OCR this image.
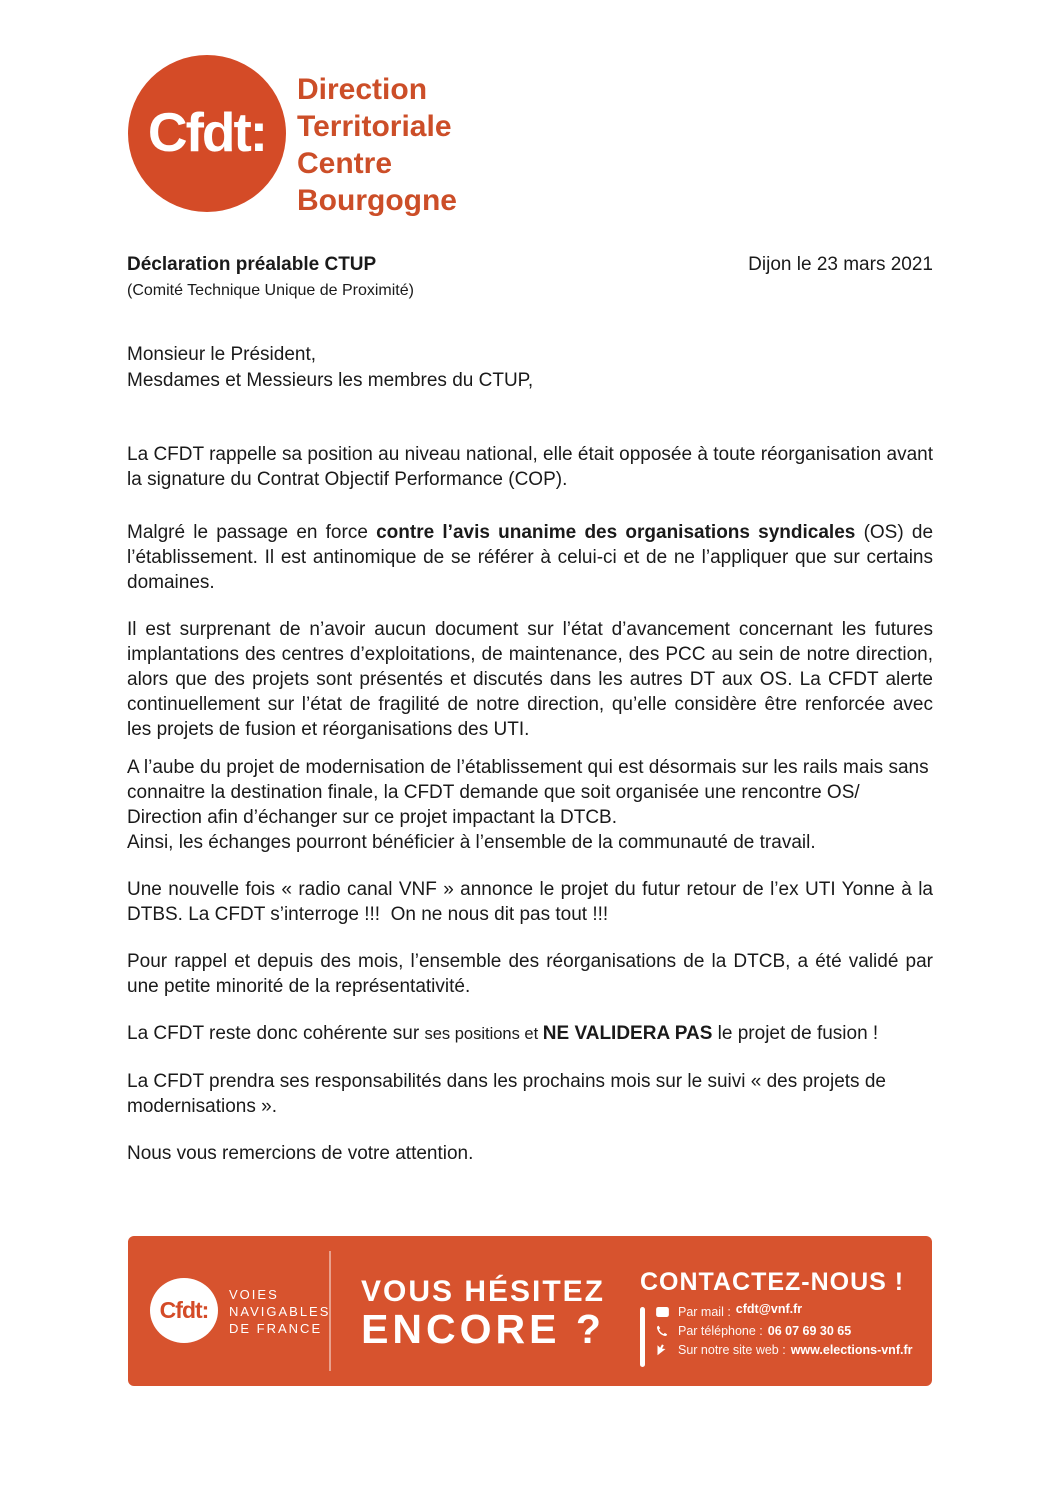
Cfdt:
Direction
Territoriale
Centre
Bourgogne
Déclaration préalable CTUP
(Comité Technique Unique de Proximité)
Dijon le 23 mars 2021
Monsieur le Président,
Mesdames et Messieurs les membres du CTUP,

La CFDT rappelle sa position au niveau national, elle était opposée à toute réorganisation avant la signature du Contrat Objectif Performance (COP).

Malgré le passage en force contre l’avis unanime des organisations syndicales (OS) de l’établissement. Il est antinomique de se référer à celui-ci et de ne l’appliquer que sur certains domaines.

Il est surprenant de n’avoir aucun document sur l’état d’avancement concernant les futures implantations des centres d’exploitations, de maintenance, des PCC au sein de notre direction, alors que des projets sont présentés et discutés dans les autres DT aux OS. La CFDT alerte continuellement sur l’état de fragilité de notre direction, qu’elle considère être renforcée avec les projets de fusion et réorganisations des UTI.

A l’aube du projet de modernisation de l’établissement qui est désormais sur les rails mais sans connaitre la destination finale, la CFDT demande que soit organisée une rencontre OS/ Direction afin d’échanger sur ce projet impactant la DTCB.
Ainsi, les échanges pourront bénéficier à l’ensemble de la communauté de travail.

Une nouvelle fois « radio canal VNF » annonce le projet du futur retour de l’ex UTI Yonne à la DTBS. La CFDT s’interroge !!!  On ne nous dit pas tout !!!

Pour rappel et depuis des mois, l’ensemble des réorganisations de la DTCB, a été validé par une petite minorité de la représentativité.

La CFDT reste donc cohérente sur ses positions et NE VALIDERA PAS le projet de fusion !

La CFDT prendra ses responsabilités dans les prochains mois sur le suivi « des projets de modernisations ».

Nous vous remercions de votre attention.

Cfdt:
VOIES
NAVIGABLES
DE FRANCE
VOUS HÉSITEZ
ENCORE ?
CONTACTEZ-NOUS !
Par mail : cfdt@vnf.fr
Par téléphone : 06 07 69 30 65
Sur notre site web : www.elections-vnf.fr
